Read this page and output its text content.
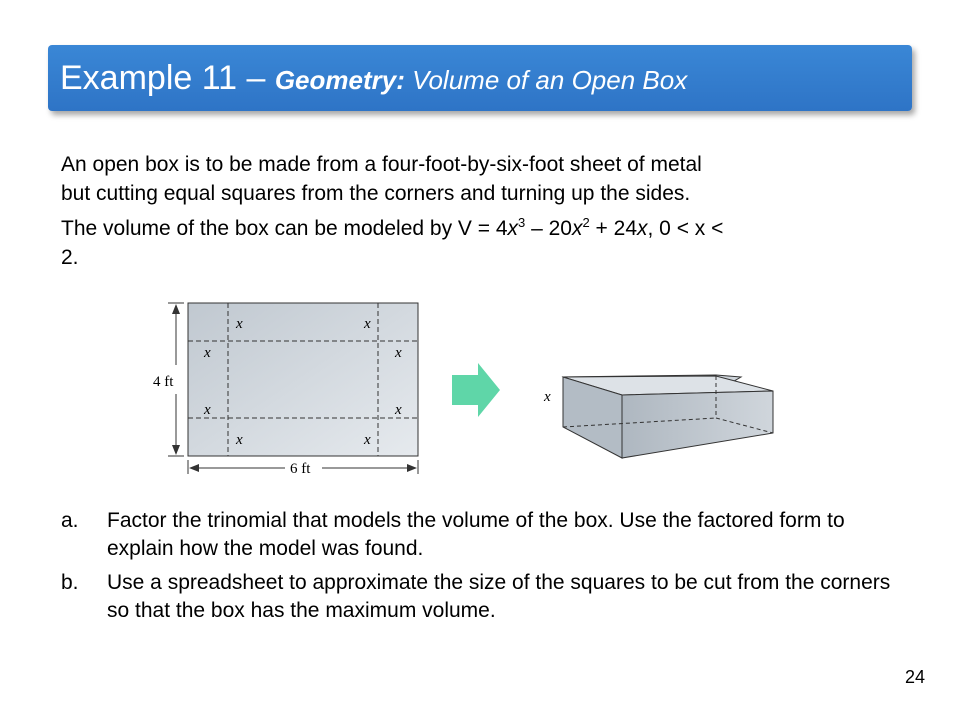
Example 11 – Geometry: Volume of an Open Box

An open box is to be made from a four-foot-by-six-foot sheet of metal
but cutting equal squares from the corners and turning up the sides.
The volume of the box can be modeled by $V = 4x^3 - 20x^2 + 24x$, 0 < x <
2.

x	x
x	x
x	x
x	x
4 ft
6 ft
x
a.	Factor the trinomial that models the volume of the box. Use the factored form to explain how the model was found.
b.	Use a spreadsheet to approximate the size of the squares to be cut from the corners so that the box has the maximum volume.
24
